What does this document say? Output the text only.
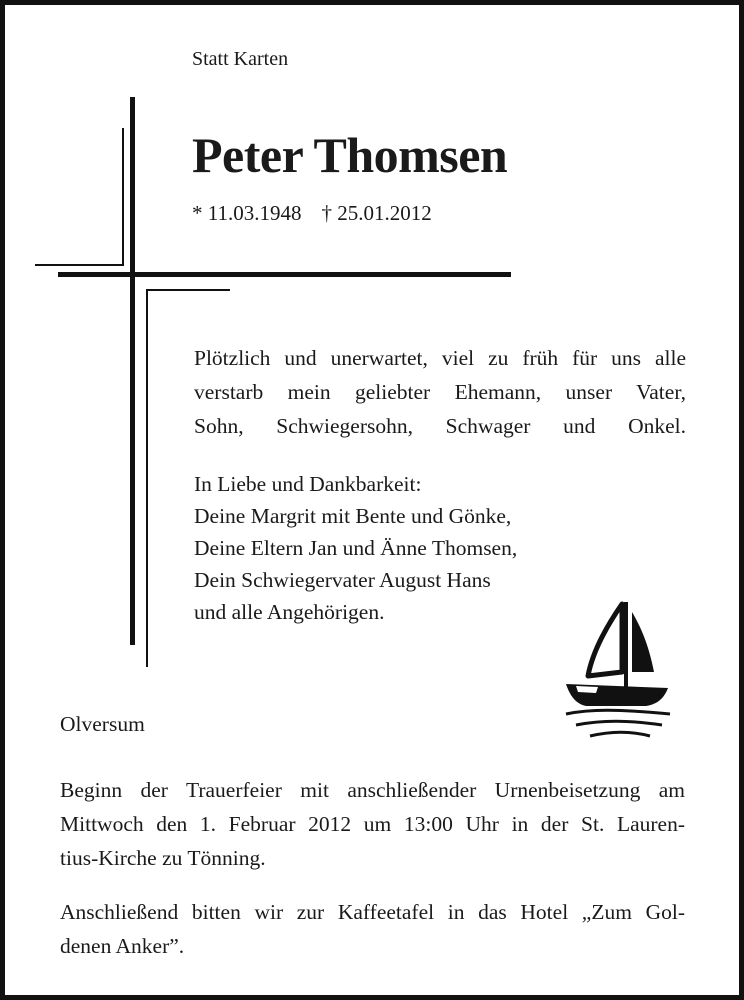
Statt Karten
Peter Thomsen
* 11.03.1948 † 25.01.2012
Plötzlich und unerwartet, viel zu früh für uns alle
verstarb mein geliebter Ehemann, unser Vater,
Sohn, Schwiegersohn, Schwager und Onkel.
In Liebe und Dankbarkeit:
Deine Margrit mit Bente und Gönke,
Deine Eltern Jan und Änne Thomsen,
Dein Schwiegervater August Hans
und alle Angehörigen.
Olversum
Beginn der Trauerfeier mit anschließender Urnenbeisetzung am
Mittwoch den 1. Februar 2012 um 13:00 Uhr in der St. Lauren-
tius-Kirche zu Tönning.
Anschließend bitten wir zur Kaffeetafel in das Hotel „Zum Gol-
denen Anker”.
